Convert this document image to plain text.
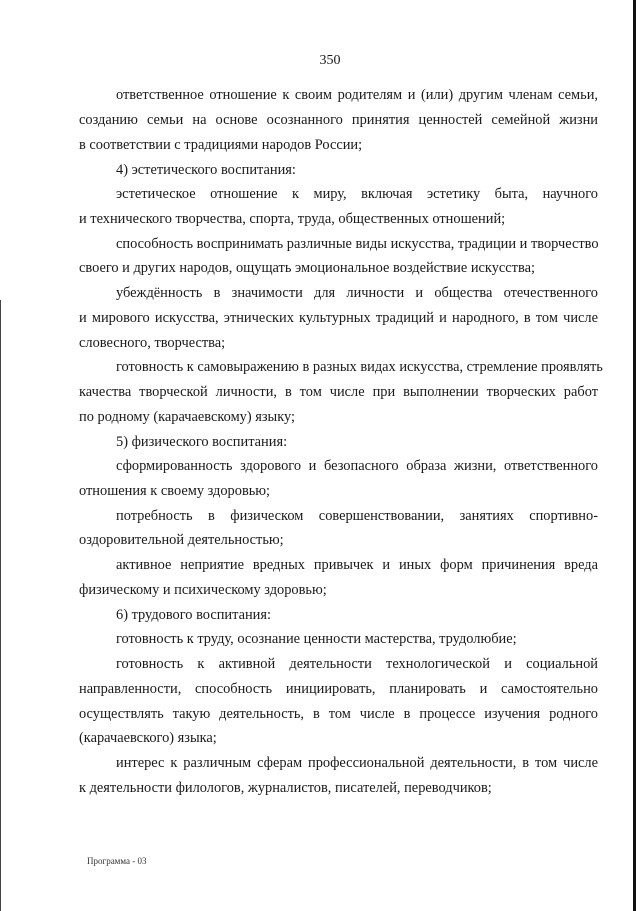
350
ответственное отношение к своим родителям и (или) другим членам семьи,
созданию семьи на основе осознанного принятия ценностей семейной жизни
в соответствии с традициями народов России;
4) эстетического воспитания:
эстетическое отношение к миру, включая эстетику быта, научного
и технического творчества, спорта, труда, общественных отношений;
способность воспринимать различные виды искусства, традиции и творчество
своего и других народов, ощущать эмоциональное воздействие искусства;
убеждённость в значимости для личности и общества отечественного
и мирового искусства, этнических культурных традиций и народного, в том числе
словесного, творчества;
готовность к самовыражению в разных видах искусства, стремление проявлять
качества творческой личности, в том числе при выполнении творческих работ
по родному (карачаевскому) языку;
5) физического воспитания:
сформированность здорового и безопасного образа жизни, ответственного
отношения к своему здоровью;
потребность в физическом совершенствовании, занятиях спортивно-
оздоровительной деятельностью;
активное неприятие вредных привычек и иных форм причинения вреда
физическому и психическому здоровью;
6) трудового воспитания:
готовность к труду, осознание ценности мастерства, трудолюбие;
готовность к активной деятельности технологической и социальной
направленности, способность инициировать, планировать и самостоятельно
осуществлять такую деятельность, в том числе в процессе изучения родного
(карачаевского) языка;
интерес к различным сферам профессиональной деятельности, в том числе
к деятельности филологов, журналистов, писателей, переводчиков;
Программа - 03
